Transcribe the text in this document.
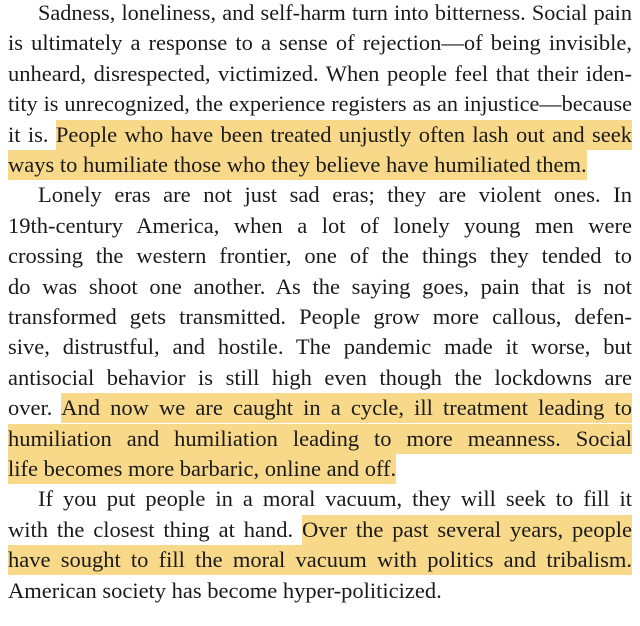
Sadness, loneliness, and self-harm turn into bitterness. Social pain
is ultimately a response to a sense of rejection—of being invisible,
unheard, disrespected, victimized. When people feel that their iden-
tity is unrecognized, the experience registers as an injustice—because
it is. People who have been treated unjustly often lash out and seek
ways to humiliate those who they believe have humiliated them.
Lonely eras are not just sad eras; they are violent ones. In
19th-century America, when a lot of lonely young men were
crossing the western frontier, one of the things they tended to
do was shoot one another. As the saying goes, pain that is not
transformed gets transmitted. People grow more callous, defen-
sive, distrustful, and hostile. The pandemic made it worse, but
antisocial behavior is still high even though the lockdowns are
over. And now we are caught in a cycle, ill treatment leading to
humiliation and humiliation leading to more meanness. Social
life becomes more barbaric, online and off.
If you put people in a moral vacuum, they will seek to fill it
with the closest thing at hand. Over the past several years, people
have sought to fill the moral vacuum with politics and tribalism.
American society has become hyper-politicized.
